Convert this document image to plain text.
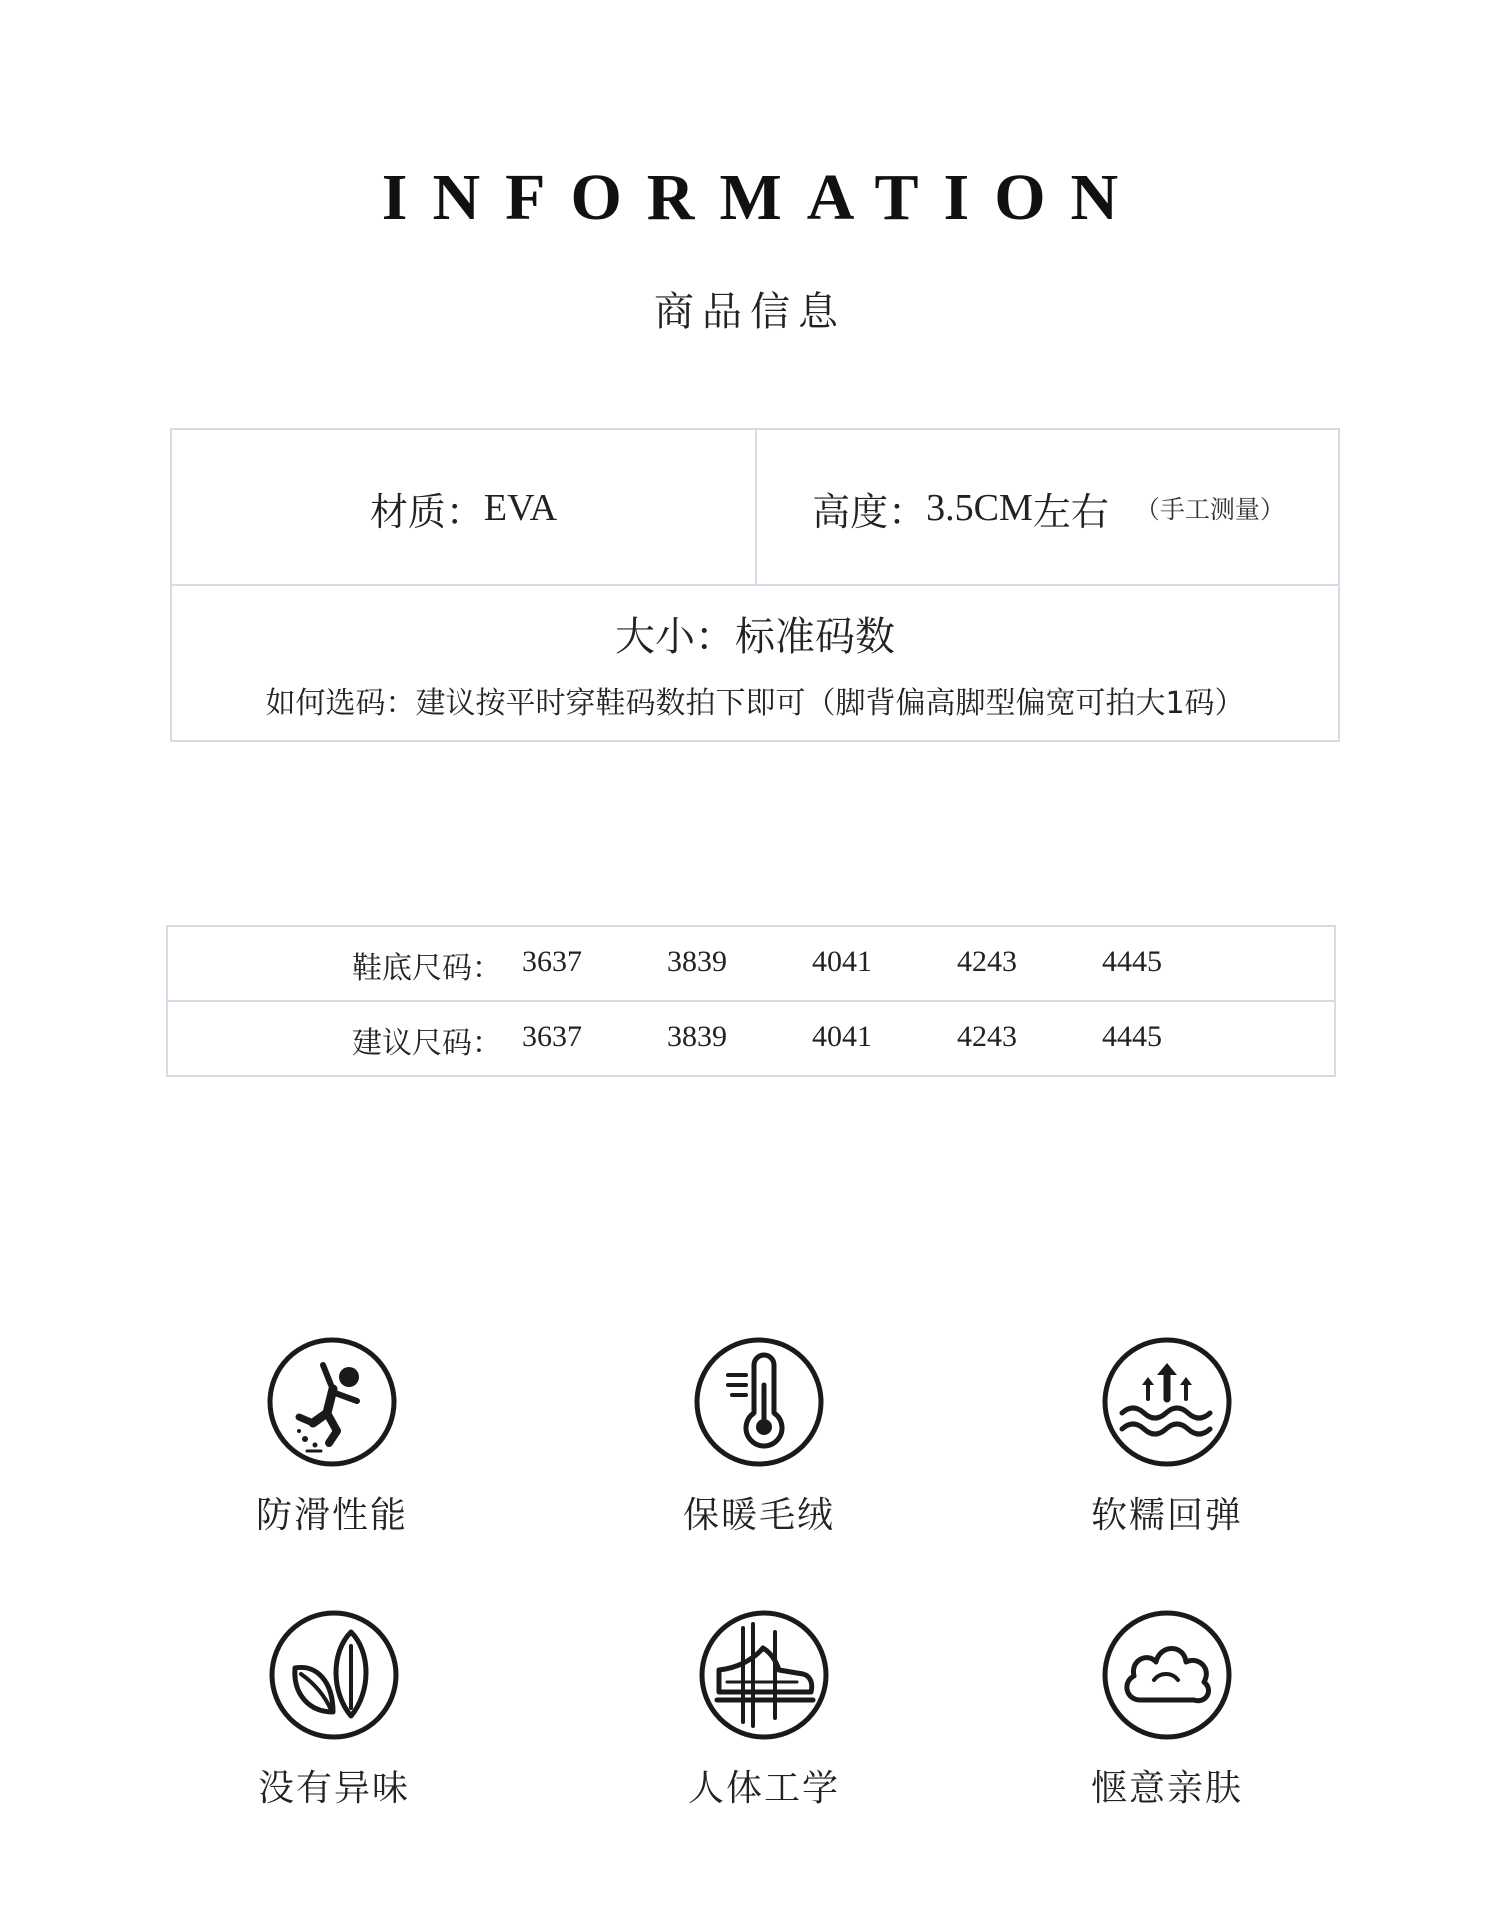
INFORMATION
商品信息
材质： EVA	高度： 3.5CM 左右 （手工测量）
大小：标准码数
如何选码：建议按平时穿鞋码数拍下即可（脚背偏高脚型偏宽可拍大1码）
鞋底尺码： 3637	3839	4041	4243	4445
建议尺码： 3637	3839	4041	4243	4445
防滑性能	保暖毛绒	软糯回弹
没有异味	人体工学	惬意亲肤
